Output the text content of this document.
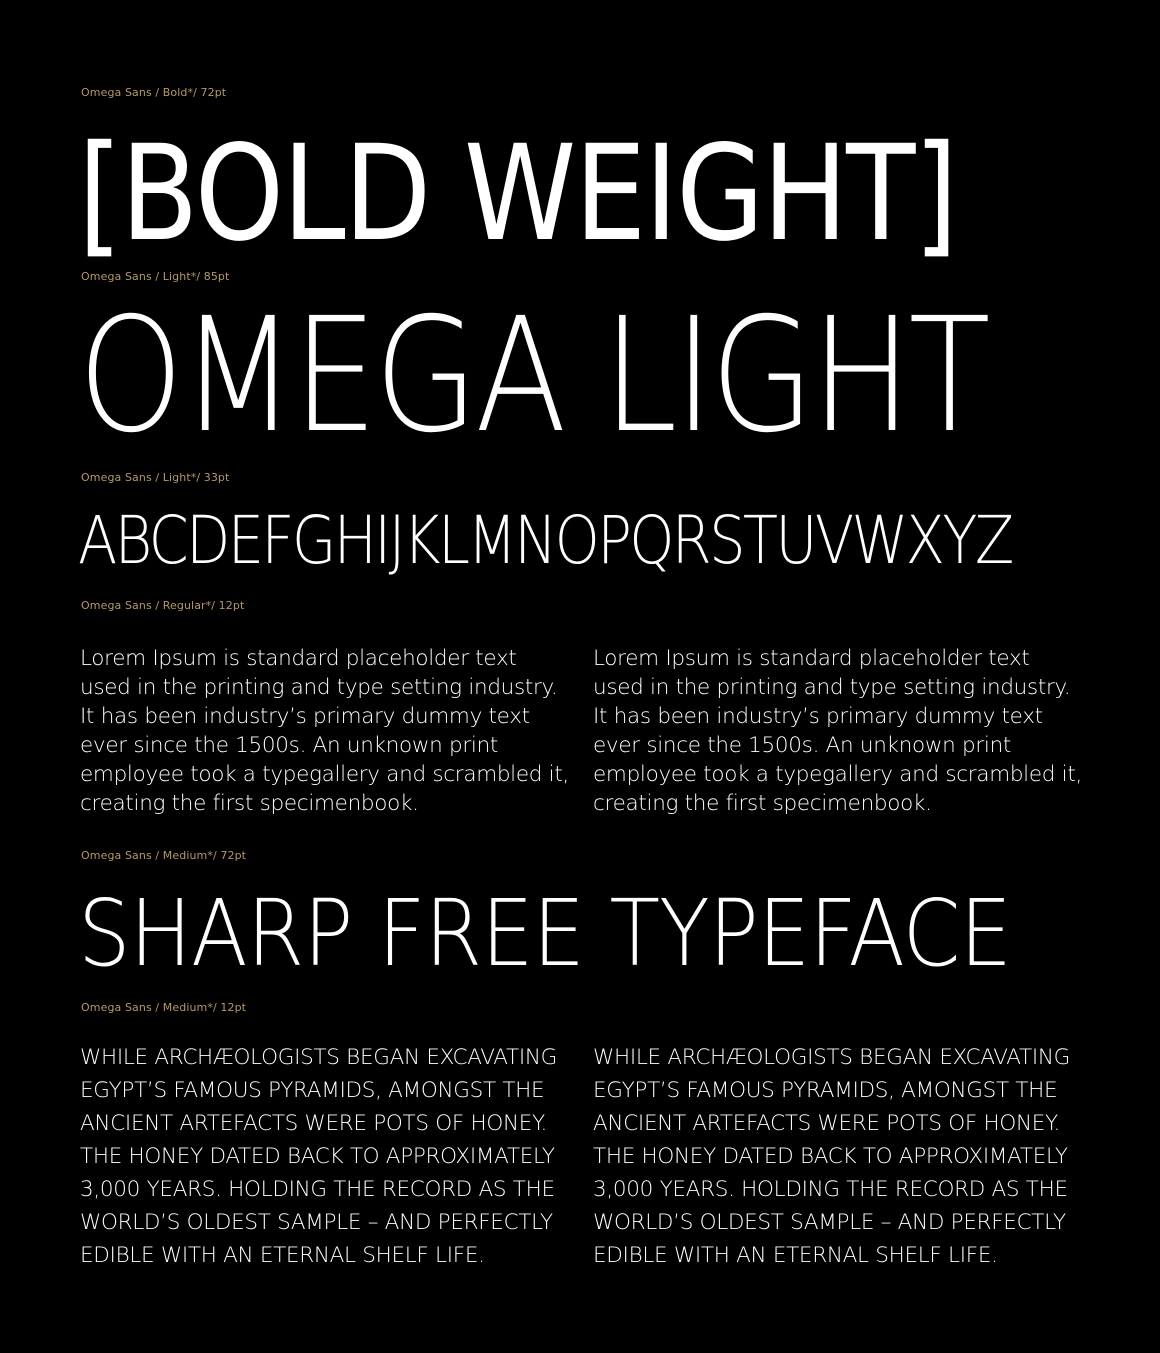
Omega Sans / Bold*/ 72pt
[BOLD WEIGHT]
Omega Sans / Light*/ 85pt
OMEGA LIGHT
Omega Sans / Light*/ 33pt
ABCDEFGHIJKLMNOPQRSTUVWXYZ
Omega Sans / Regular*/ 12pt

Lorem Ipsum is standard placeholder text used in the printing and type setting industry. It has been industry’s primary dummy text ever since the 1500s. An unknown print employee took a typegallery and scrambled it, creating the first specimenbook.

Lorem Ipsum is standard placeholder text used in the printing and type setting industry. It has been industry’s primary dummy text ever since the 1500s. An unknown print employee took a typegallery and scrambled it, creating the first specimenbook.

Omega Sans / Medium*/ 72pt
SHARP FREE TYPEFACE
Omega Sans / Medium*/ 12pt

WHILE ARCHÆOLOGISTS BEGAN EXCAVATING EGYPT’S FAMOUS PYRAMIDS, AMONGST THE ANCIENT ARTEFACTS WERE POTS OF HONEY. THE HONEY DATED BACK TO APPROXIMATELY 3,000 YEARS. HOLDING THE RECORD AS THE WORLD’S OLDEST SAMPLE – AND PERFECTLY EDIBLE WITH AN ETERNAL SHELF LIFE.

WHILE ARCHÆOLOGISTS BEGAN EXCAVATING EGYPT’S FAMOUS PYRAMIDS, AMONGST THE ANCIENT ARTEFACTS WERE POTS OF HONEY. THE HONEY DATED BACK TO APPROXIMATELY 3,000 YEARS. HOLDING THE RECORD AS THE WORLD’S OLDEST SAMPLE – AND PERFECTLY EDIBLE WITH AN ETERNAL SHELF LIFE.
